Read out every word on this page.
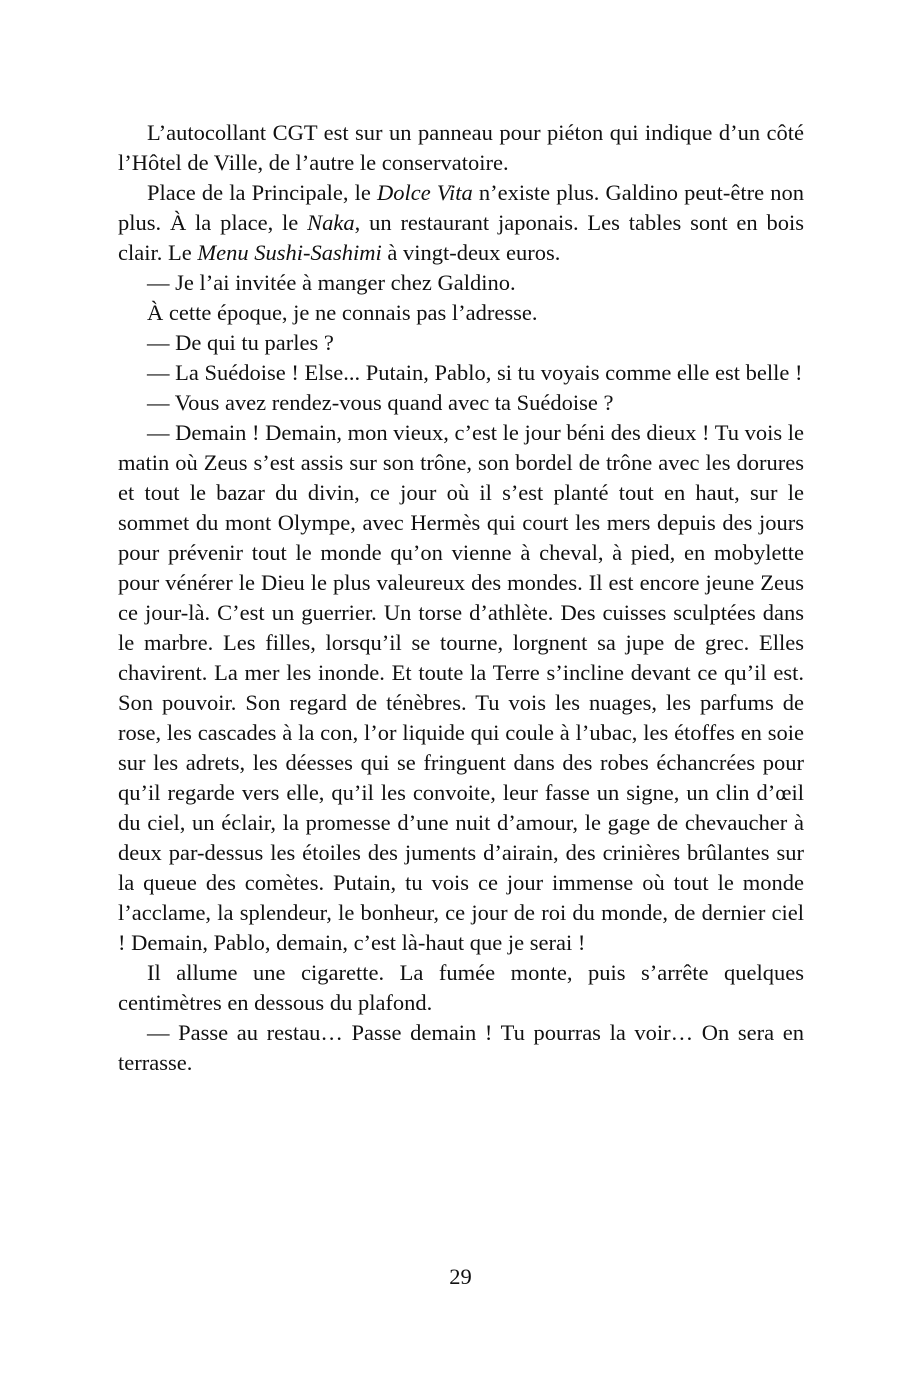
L’autocollant CGT est sur un panneau pour piéton qui indique d’un côté l’Hôtel de Ville, de l’autre le conservatoire.

Place de la Principale, le Dolce Vita n’existe plus. Galdino peut-être non plus. À la place, le Naka, un restaurant japonais. Les tables sont en bois clair. Le Menu Sushi-Sashimi à vingt-deux euros.

— Je l’ai invitée à manger chez Galdino.

À cette époque, je ne connais pas l’adresse.

— De qui tu parles ?

— La Suédoise ! Else... Putain, Pablo, si tu voyais comme elle est belle !

— Vous avez rendez-vous quand avec ta Suédoise ?

— Demain ! Demain, mon vieux, c’est le jour béni des dieux ! Tu vois le matin où Zeus s’est assis sur son trône, son bordel de trône avec les dorures et tout le bazar du divin, ce jour où il s’est planté tout en haut, sur le sommet du mont Olympe, avec Hermès qui court les mers depuis des jours pour prévenir tout le monde qu’on vienne à cheval, à pied, en mobylette pour vénérer le Dieu le plus valeureux des mondes. Il est encore jeune Zeus ce jour-là. C’est un guerrier. Un torse d’athlète. Des cuisses sculptées dans le marbre. Les filles, lorsqu’il se tourne, lorgnent sa jupe de grec. Elles chavirent. La mer les inonde. Et toute la Terre s’incline devant ce qu’il est. Son pouvoir. Son regard de ténèbres. Tu vois les nuages, les parfums de rose, les cascades à la con, l’or liquide qui coule à l’ubac, les étoffes en soie sur les adrets, les déesses qui se fringuent dans des robes échancrées pour qu’il regarde vers elle, qu’il les convoite, leur fasse un signe, un clin d’œil du ciel, un éclair, la promesse d’une nuit d’amour, le gage de chevaucher à deux par-dessus les étoiles des juments d’airain, des crinières brûlantes sur la queue des comètes. Putain, tu vois ce jour immense où tout le monde l’acclame, la splendeur, le bonheur, ce jour de roi du monde, de dernier ciel ! Demain, Pablo, demain, c’est là-haut que je serai !

Il allume une cigarette. La fumée monte, puis s’arrête quelques centimètres en dessous du plafond.

— Passe au restau… Passe demain ! Tu pourras la voir… On sera en terrasse.

29
